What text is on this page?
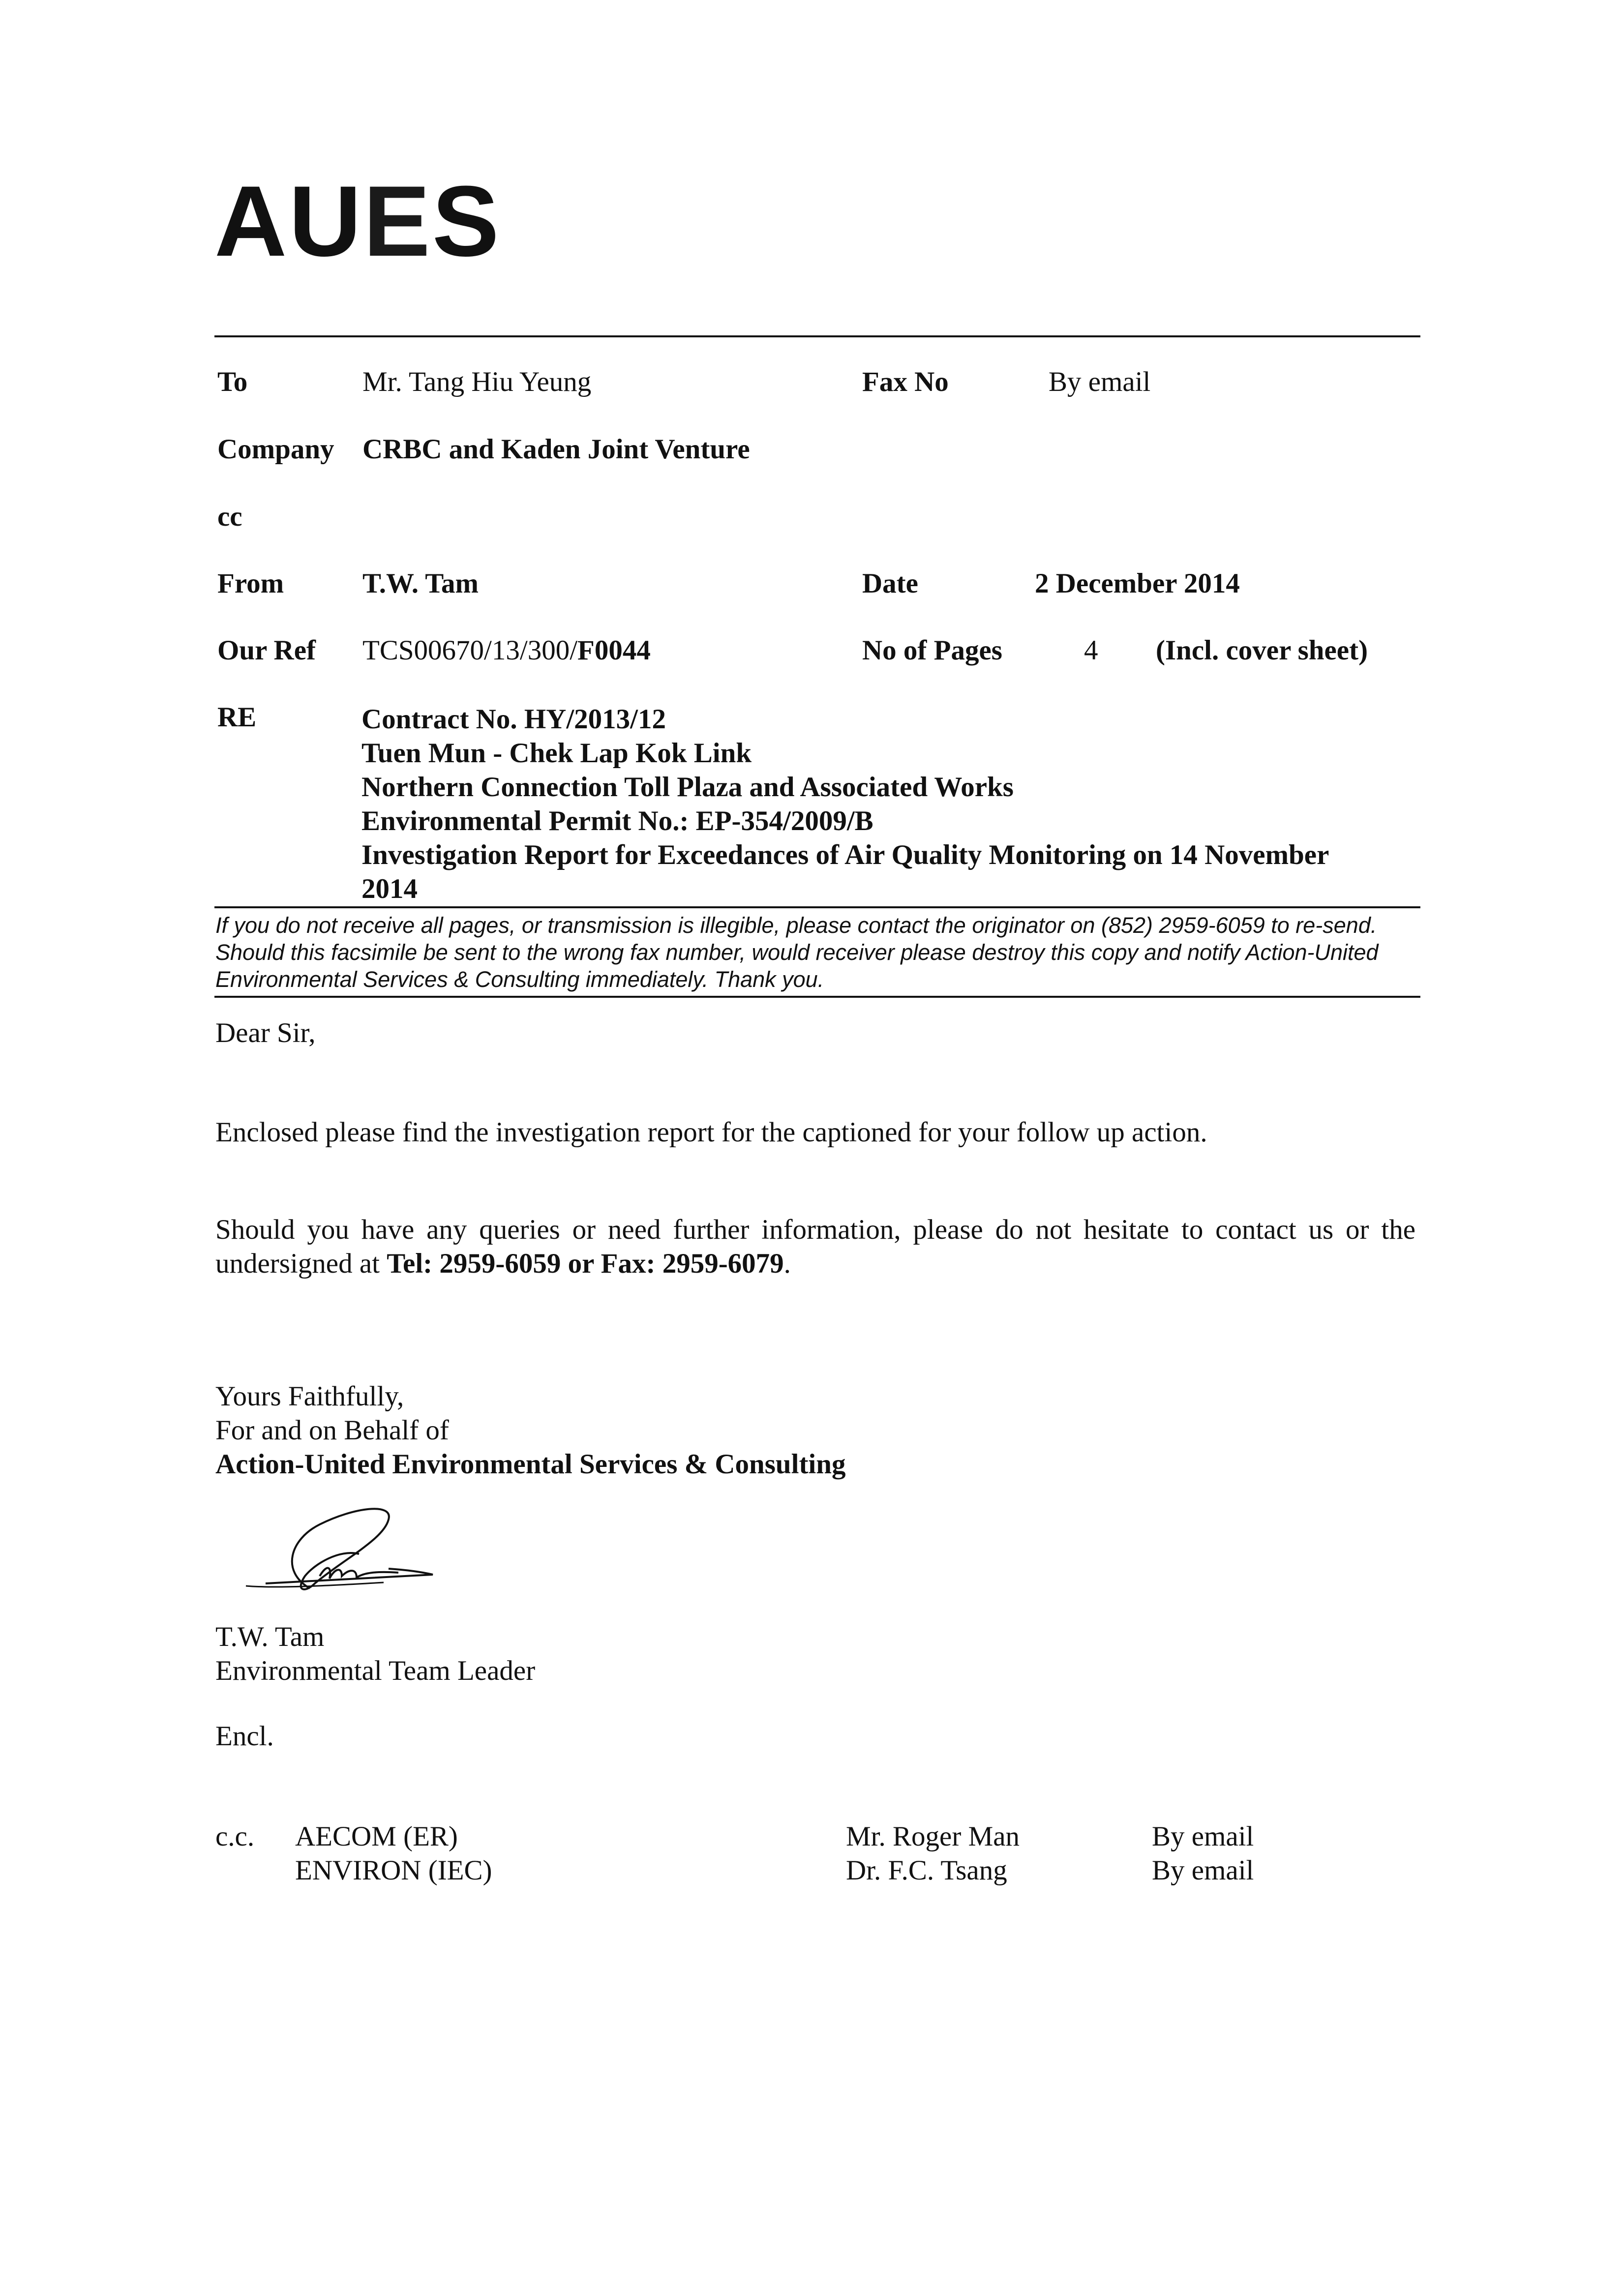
AUES
To	Mr. Tang Hiu Yeung	Fax No	By email
Company CRBC and Kaden Joint Venture
cc
From	T.W. Tam	Date	2 December 2014
Our Ref TCS00670/13/300/F0044	No of Pages	4 (Incl. cover sheet)
RE	Contract No. HY/2013/12
Tuen Mun - Chek Lap Kok Link
Northern Connection Toll Plaza and Associated Works
Environmental Permit No.: EP-354/2009/B
Investigation Report for Exceedances of Air Quality Monitoring on 14 November 2014
If you do not receive all pages, or transmission is illegible, please contact the originator on (852) 2959-6059 to re-send. Should this facsimile be sent to the wrong fax number, would receiver please destroy this copy and notify Action-United Environmental Services & Consulting immediately. Thank you.
Dear Sir,
Enclosed please find the investigation report for the captioned for your follow up action.
Should you have any queries or need further information, please do not hesitate to contact us or the undersigned at Tel: 2959-6059 or Fax: 2959-6079.
Yours Faithfully,
For and on Behalf of
Action-United Environmental Services & Consulting
T.W. Tam
Environmental Team Leader
Encl.
c.c. AECOM (ER)	Mr. Roger Man	By email
ENVIRON (IEC)	Dr. F.C. Tsang	By email
